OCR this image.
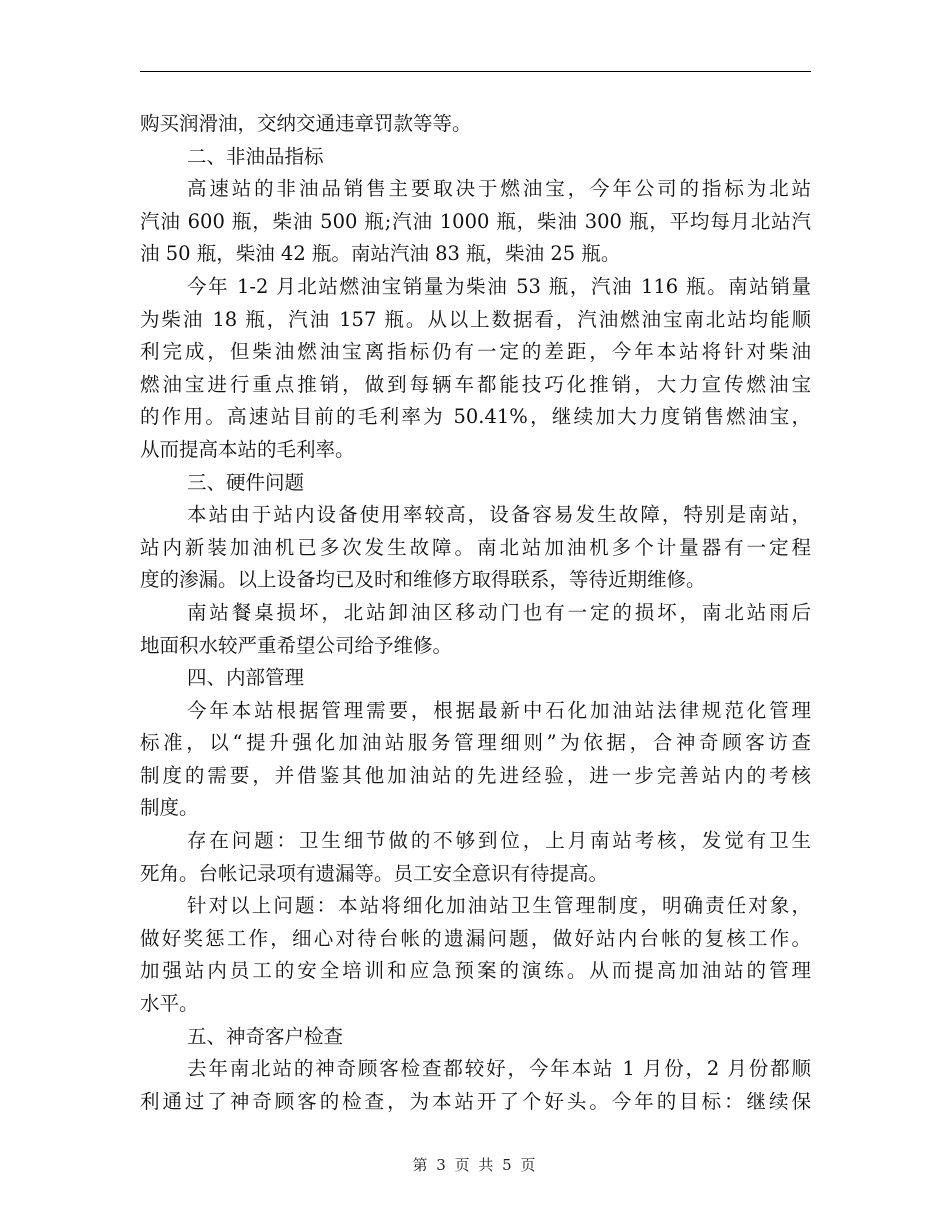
购买润滑油，交纳交通违章罚款等等。
二、非油品指标
高速站的非油品销售主要取决于燃油宝，今年公司的指标为北站
汽油 600 瓶，柴油 500 瓶;汽油 1000 瓶，柴油 300 瓶，平均每月北站汽
油 50 瓶，柴油 42 瓶。南站汽油 83 瓶，柴油 25 瓶。
今年 1-2 月北站燃油宝销量为柴油 53 瓶，汽油 116 瓶。南站销量
为柴油 18 瓶，汽油 157 瓶。从以上数据看，汽油燃油宝南北站均能顺
利完成，但柴油燃油宝离指标仍有一定的差距，今年本站将针对柴油
燃油宝进行重点推销，做到每辆车都能技巧化推销，大力宣传燃油宝
的作用。高速站目前的毛利率为 50.41%，继续加大力度销售燃油宝，
从而提高本站的毛利率。
三、硬件问题
本站由于站内设备使用率较高，设备容易发生故障，特别是南站，
站内新装加油机已多次发生故障。南北站加油机多个计量器有一定程
度的渗漏。以上设备均已及时和维修方取得联系，等待近期维修。
南站餐桌损坏，北站卸油区移动门也有一定的损坏，南北站雨后
地面积水较严重希望公司给予维修。
四、内部管理
今年本站根据管理需要，根据最新中石化加油站法律规范化管理
标准，以“提升强化加油站服务管理细则”为依据，合神奇顾客访查
制度的需要，并借鉴其他加油站的先进经验，进一步完善站内的考核
制度。
存在问题：卫生细节做的不够到位，上月南站考核，发觉有卫生
死角。台帐记录项有遗漏等。员工安全意识有待提高。
针对以上问题：本站将细化加油站卫生管理制度，明确责任对象，
做好奖惩工作，细心对待台帐的遗漏问题，做好站内台帐的复核工作。
加强站内员工的安全培训和应急预案的演练。从而提高加油站的管理
水平。
五、神奇客户检查
去年南北站的神奇顾客检查都较好，今年本站 1 月份，2 月份都顺
利通过了神奇顾客的检查，为本站开了个好头。今年的目标：继续保
第 3 页 共 5 页
